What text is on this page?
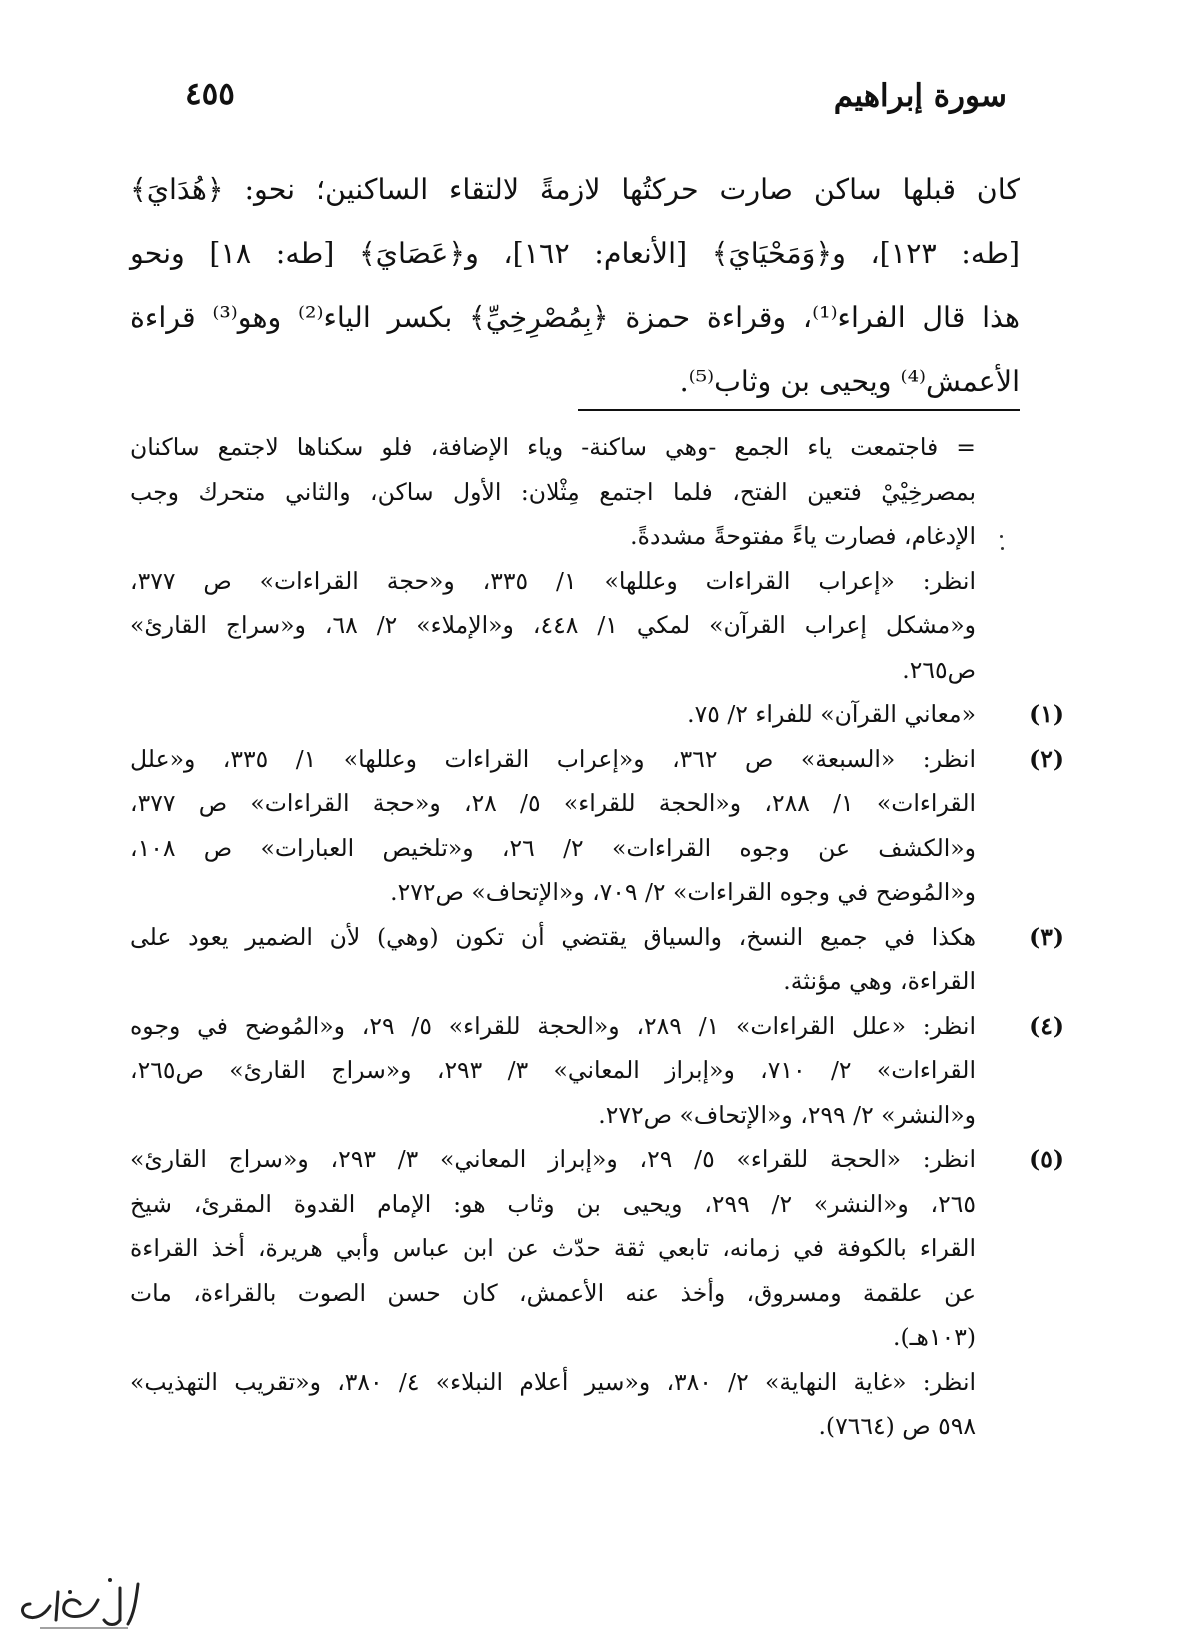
سورة إبراهيم
٤٥٥
كان قبلها ساكن صارت حركتُها لازمةً لالتقاء الساكنين؛ نحو: ﴿هُدَايَ﴾
[طه: ١٢٣]، و﴿وَمَحْيَايَ﴾ [الأنعام: ١٦٢]، و﴿عَصَايَ﴾ [طه: ١٨] ونحو
هذا قال الفراء⁽¹⁾، وقراءة حمزة ﴿بِمُصْرِخِيِّ﴾ بكسر الياء⁽²⁾ وهو⁽³⁾ قراءة
الأعمش⁽⁴⁾ ويحيى بن وثاب⁽⁵⁾.
= فاجتمعت ياء الجمع -وهي ساكنة- وياء الإضافة، فلو سكناها لاجتمع ساكنان
بمصرخِيْيْ فتعين الفتح، فلما اجتمع مِثْلان: الأول ساكن، والثاني متحرك وجب
الإدغام، فصارت ياءً مفتوحةً مشددةً.
انظر: «إعراب القراءات وعللها» ١/ ٣٣٥، و«حجة القراءات» ص ٣٧٧،
و«مشكل إعراب القرآن» لمكي ١/ ٤٤٨، و«الإملاء» ٢/ ٦٨، و«سراج القارئ»
ص٢٦٥.
(١)
«معاني القرآن» للفراء ٢/ ٧٥.
(٢)
انظر: «السبعة» ص ٣٦٢، و«إعراب القراءات وعللها» ١/ ٣٣٥، و«علل
القراءات» ١/ ٢٨٨، و«الحجة للقراء» ٥/ ٢٨، و«حجة القراءات» ص ٣٧٧،
و«الكشف عن وجوه القراءات» ٢/ ٢٦، و«تلخيص العبارات» ص ١٠٨،
و«المُوضح في وجوه القراءات» ٢/ ٧٠٩، و«الإتحاف» ص٢٧٢.
(٣)
هكذا في جميع النسخ، والسياق يقتضي أن تكون (وهي) لأن الضمير يعود على
القراءة، وهي مؤنثة.
(٤)
انظر: «علل القراءات» ١/ ٢٨٩، و«الحجة للقراء» ٥/ ٢٩، و«المُوضح في وجوه
القراءات» ٢/ ٧١٠، و«إبراز المعاني» ٣/ ٢٩٣، و«سراج القارئ» ص٢٦٥،
و«النشر» ٢/ ٢٩٩، و«الإتحاف» ص٢٧٢.
(٥)
انظر: «الحجة للقراء» ٥/ ٢٩، و«إبراز المعاني» ٣/ ٢٩٣، و«سراج القارئ»
٢٦٥، و«النشر» ٢/ ٢٩٩، ويحيى بن وثاب هو: الإمام القدوة المقرئ، شيخ
القراء بالكوفة في زمانه، تابعي ثقة حدّث عن ابن عباس وأبي هريرة، أخذ القراءة
عن علقمة ومسروق، وأخذ عنه الأعمش، كان حسن الصوت بالقراءة، مات
(١٠٣هـ).
انظر: «غاية النهاية» ٢/ ٣٨٠، و«سير أعلام النبلاء» ٤/ ٣٨٠، و«تقريب التهذيب»
٥٩٨ ص (٧٦٦٤).
